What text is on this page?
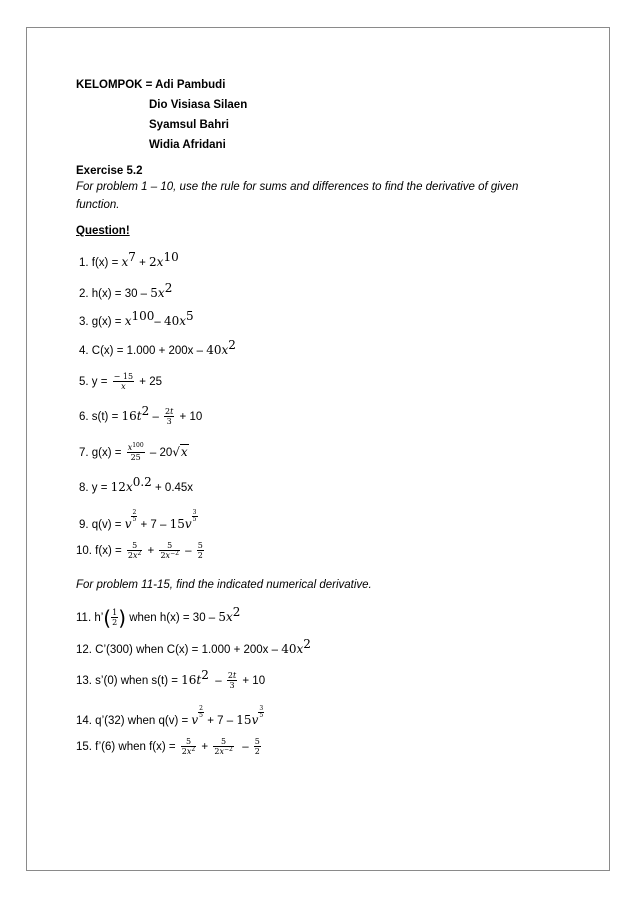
KELOMPOK = Adi Pambudi
Dio Visiasa Silaen
Syamsul Bahri
Widia Afridani
Exercise 5.2
For problem 1 – 10, use the rule for sums and differences to find the derivative of given
function.
Question!
1. $f(x) = x^7 + 2x^{10}$
2. $h(x) = 30 - 5x^2$
3. $g(x) = x^{100}-$ $40x^5$
4. $C(x) = 1.000 + 200x - 40x^2$
5. $y = \frac{- 15}{x} + 25$
6. $s(t) = 16t^2 - \frac{2t}{3} + 10$
7. $g(x) = \frac{x^{100}}{25} - 20√x$
8. $y = 12x^{0.2} + 0.45x$
9. q(v) = v
$\frac{2}{5}$
+ 7 – 15v
$\frac{3}{5}$
10. $f(x) = \frac{5}{2x^2} + \frac{5}{2x^{-2}} - \frac{5}{2}$
For problem 11-15, find the indicated numerical derivative.
11. h’( $\frac{1}{2}$ ) when $h(x) = 30 - 5x^2$
12. C’(300) when $C(x) = 1.000 + 200x - 40x^2$
13. s’(0) when $s(t) = 16t^2 - \frac{2t}{3} + 10$
14. q’(32) when q(v) = v
$\frac{2}{5}$
+ 7 – 15v
$\frac{3}{5}$
15. f’(6) when $f(x) = \frac{5}{2x^2} + \frac{5}{2x^{-2}} - \frac{5}{2}$
